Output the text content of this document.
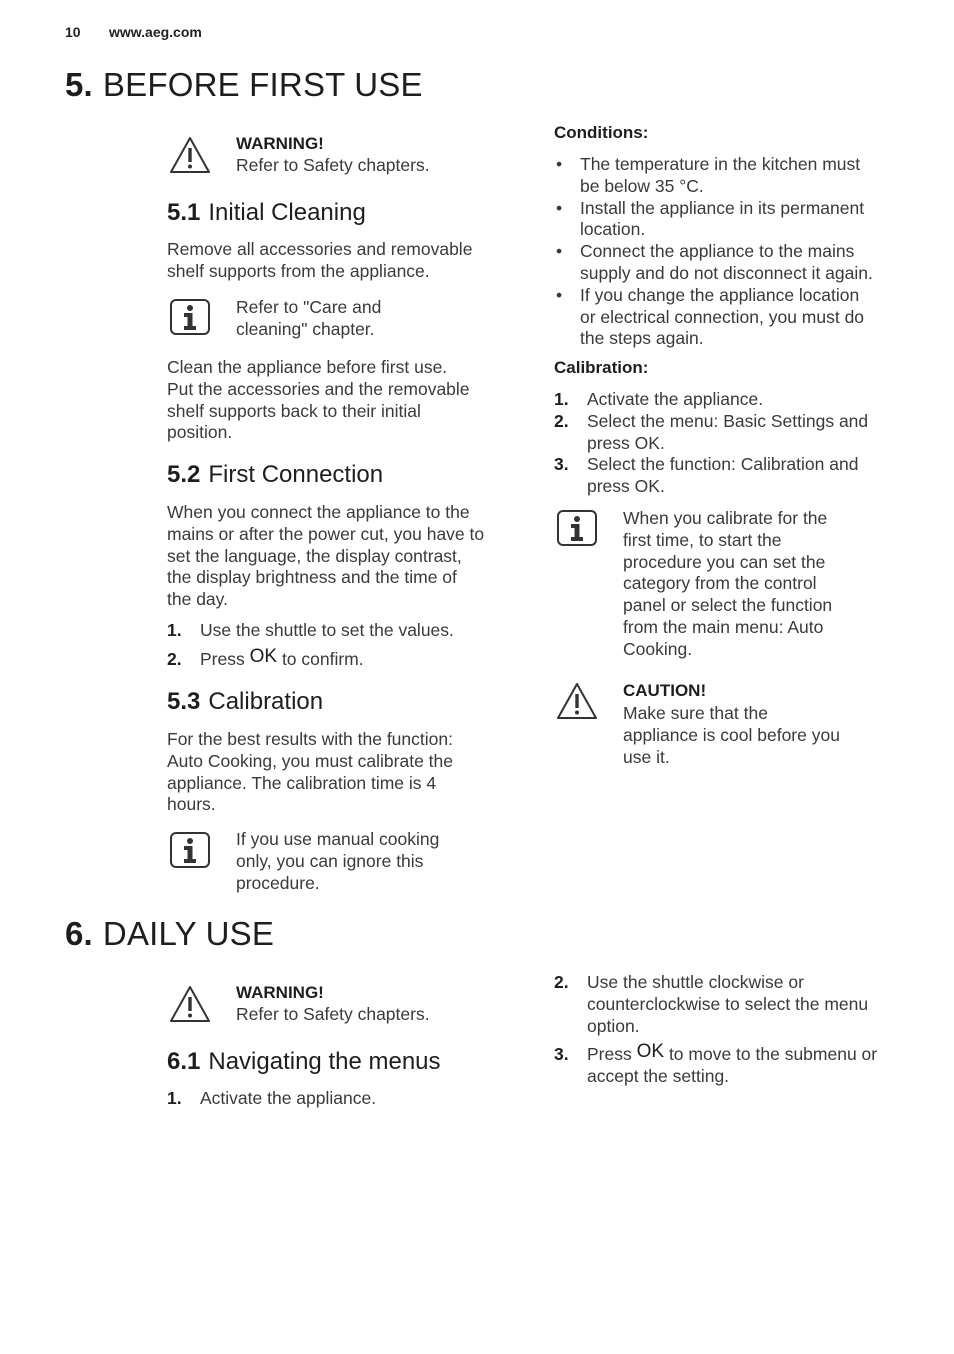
10 www.aeg.com
5. BEFORE FIRST USE
WARNING!
Refer to Safety chapters.
5.1 Initial Cleaning
Remove all accessories and removable
shelf supports from the appliance.
Refer to "Care and
cleaning" chapter.
Clean the appliance before first use.
Put the accessories and the removable
shelf supports back to their initial
position.
5.2 First Connection
When you connect the appliance to the
mains or after the power cut, you have to
set the language, the display contrast,
the display brightness and the time of
the day.
1. Use the shuttle to set the values.
2. Press OK to confirm.
5.3 Calibration
For the best results with the function:
Auto Cooking, you must calibrate the
appliance. The calibration time is 4
hours.
If you use manual cooking
only, you can ignore this
procedure.
Conditions:
• The temperature in the kitchen must
be below 35 °C.
• Install the appliance in its permanent
location.
• Connect the appliance to the mains
supply and do not disconnect it again.
• If you change the appliance location
or electrical connection, you must do
the steps again.
Calibration:
1. Activate the appliance.
2. Select the menu: Basic Settings and
press OK.
3. Select the function: Calibration and
press OK.
When you calibrate for the
first time, to start the
procedure you can set the
category from the control
panel or select the function
from the main menu: Auto
Cooking.
CAUTION!
Make sure that the
appliance is cool before you
use it.
6. DAILY USE
WARNING!
Refer to Safety chapters.
6.1 Navigating the menus
1. Activate the appliance.
2. Use the shuttle clockwise or
counterclockwise to select the menu
option.
3. Press OK to move to the submenu or
accept the setting.
